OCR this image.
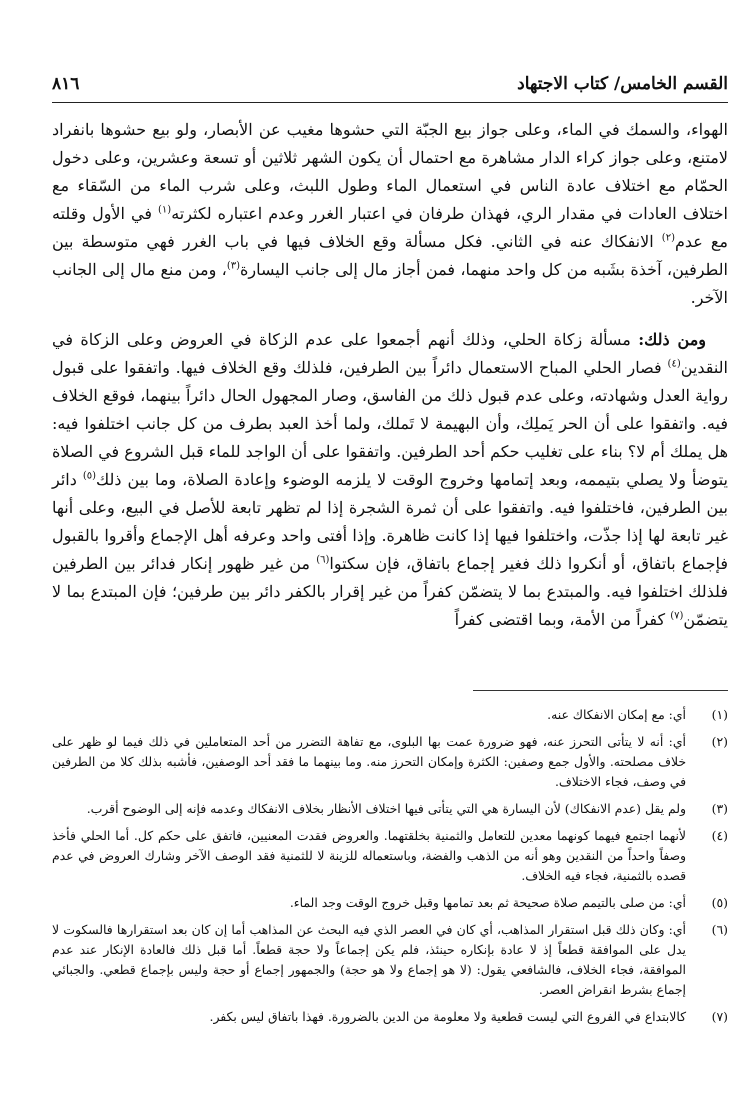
القسم الخامس/ كتاب الاجتهاد
٨١٦

الهواء، والسمك في الماء، وعلى جواز بيع الجبّة التي حشوها مغيب عن الأبصار، ولو بيع حشوها بانفراد لامتنع، وعلى جواز كراء الدار مشاهرة مع احتمال أن يكون الشهر ثلاثين أو تسعة وعشرين، وعلى دخول الحمّام مع اختلاف عادة الناس في استعمال الماء وطول اللبث، وعلى شرب الماء من السّقاء مع اختلاف العادات في مقدار الري، فهذان طرفان في اعتبار الغرر وعدم اعتباره لكثرته$^{(١)}$ في الأول وقلته مع عدم$^{(٢)}$ الانفكاك عنه في الثاني. فكل مسألة وقع الخلاف فيها في باب الغرر فهي متوسطة بين الطرفين، آخذة بشَبه من كل واحد منهما، فمن أجاز مال إلى جانب اليسارة$^{(٣)}$، ومن منع مال إلى الجانب الآخر.

ومن ذلك: مسألة زكاة الحلي، وذلك أنهم أجمعوا على عدم الزكاة في العروض وعلى الزكاة في النقدين$^{(٤)}$ فصار الحلي المباح الاستعمال دائراً بين الطرفين، فلذلك وقع الخلاف فيها. واتفقوا على قبول رواية العدل وشهادته، وعلى عدم قبول ذلك من الفاسق، وصار المجهول الحال دائراً بينهما، فوقع الخلاف فيه. واتفقوا على أن الحر يَملِك، وأن البهيمة لا تَملك، ولما أخذ العبد بطرف من كل جانب اختلفوا فيه: هل يملك أم لا؟ بناء على تغليب حكم أحد الطرفين. واتفقوا على أن الواجد للماء قبل الشروع في الصلاة يتوضأ ولا يصلي بتيممه، وبعد إتمامها وخروج الوقت لا يلزمه الوضوء وإعادة الصلاة، وما بين ذلك$^{(٥)}$ دائر بين الطرفين، فاختلفوا فيه. واتفقوا على أن ثمرة الشجرة إذا لم تظهر تابعة للأصل في البيع، وعلى أنها غير تابعة لها إذا جذّت، واختلفوا فيها إذا كانت ظاهرة. وإذا أفتى واحد وعرفه أهل الإجماع وأقروا بالقبول فإجماع باتفاق، أو أنكروا ذلك فغير إجماع باتفاق، فإن سكتوا$^{(٦)}$ من غير ظهور إنكار فدائر بين الطرفين فلذلك اختلفوا فيه. والمبتدع بما لا يتضمّن كفراً من غير إقرار بالكفر دائر بين طرفين؛ فإن المبتدع بما لا يتضمّن$^{(٧)}$ كفراً من الأمة، وبما اقتضى كفراً

(١)
أي: مع إمكان الانفكاك عنه.
(٢)
أي: أنه لا يتأتى التحرز عنه، فهو ضرورة عمت بها البلوى، مع تفاهة التضرر من أحد المتعاملين في ذلك فيما لو ظهر على خلاف مصلحته. والأول جمع وصفين: الكثرة وإمكان التحرز منه. وما بينهما ما فقد أحد الوصفين، فأشبه بذلك كلا من الطرفين في وصف، فجاء الاختلاف.
(٣)
ولم يقل (عدم الانفكاك) لأن اليسارة هي التي يتأتى فيها اختلاف الأنظار بخلاف الانفكاك وعدمه فإنه إلى الوضوح أقرب.
(٤)
لأنهما اجتمع فيهما كونهما معدين للتعامل والثمنية بخلقتهما. والعروض فقدت المعنيين، فاتفق على حكم كل. أما الحلي فأخذ وصفاً واحداً من النقدين وهو أنه من الذهب والفضة، وباستعماله للزينة لا للثمنية فقد الوصف الآخر وشارك العروض في عدم قصده بالثمنية، فجاء فيه الخلاف.
(٥)
أي: من صلى بالتيمم صلاة صحيحة ثم بعد تمامها وقبل خروج الوقت وجد الماء.
(٦)
أي: وكان ذلك قبل استقرار المذاهب، أي كان في العصر الذي فيه البحث عن المذاهب أما إن كان بعد استقرارها فالسكوت لا يدل على الموافقة قطعاً إذ لا عادة بإنكاره حينئذ، فلم يكن إجماعاً ولا حجة قطعاً. أما قبل ذلك فالعادة الإنكار عند عدم الموافقة، فجاء الخلاف، فالشافعي يقول: (لا هو إجماع ولا هو حجة) والجمهور إجماع أو حجة وليس بإجماع قطعي. والجبائي إجماع بشرط انقراض العصر.
(٧)
كالابتداع في الفروع التي ليست قطعية ولا معلومة من الدين بالضرورة. فهذا باتفاق ليس بكفر.
